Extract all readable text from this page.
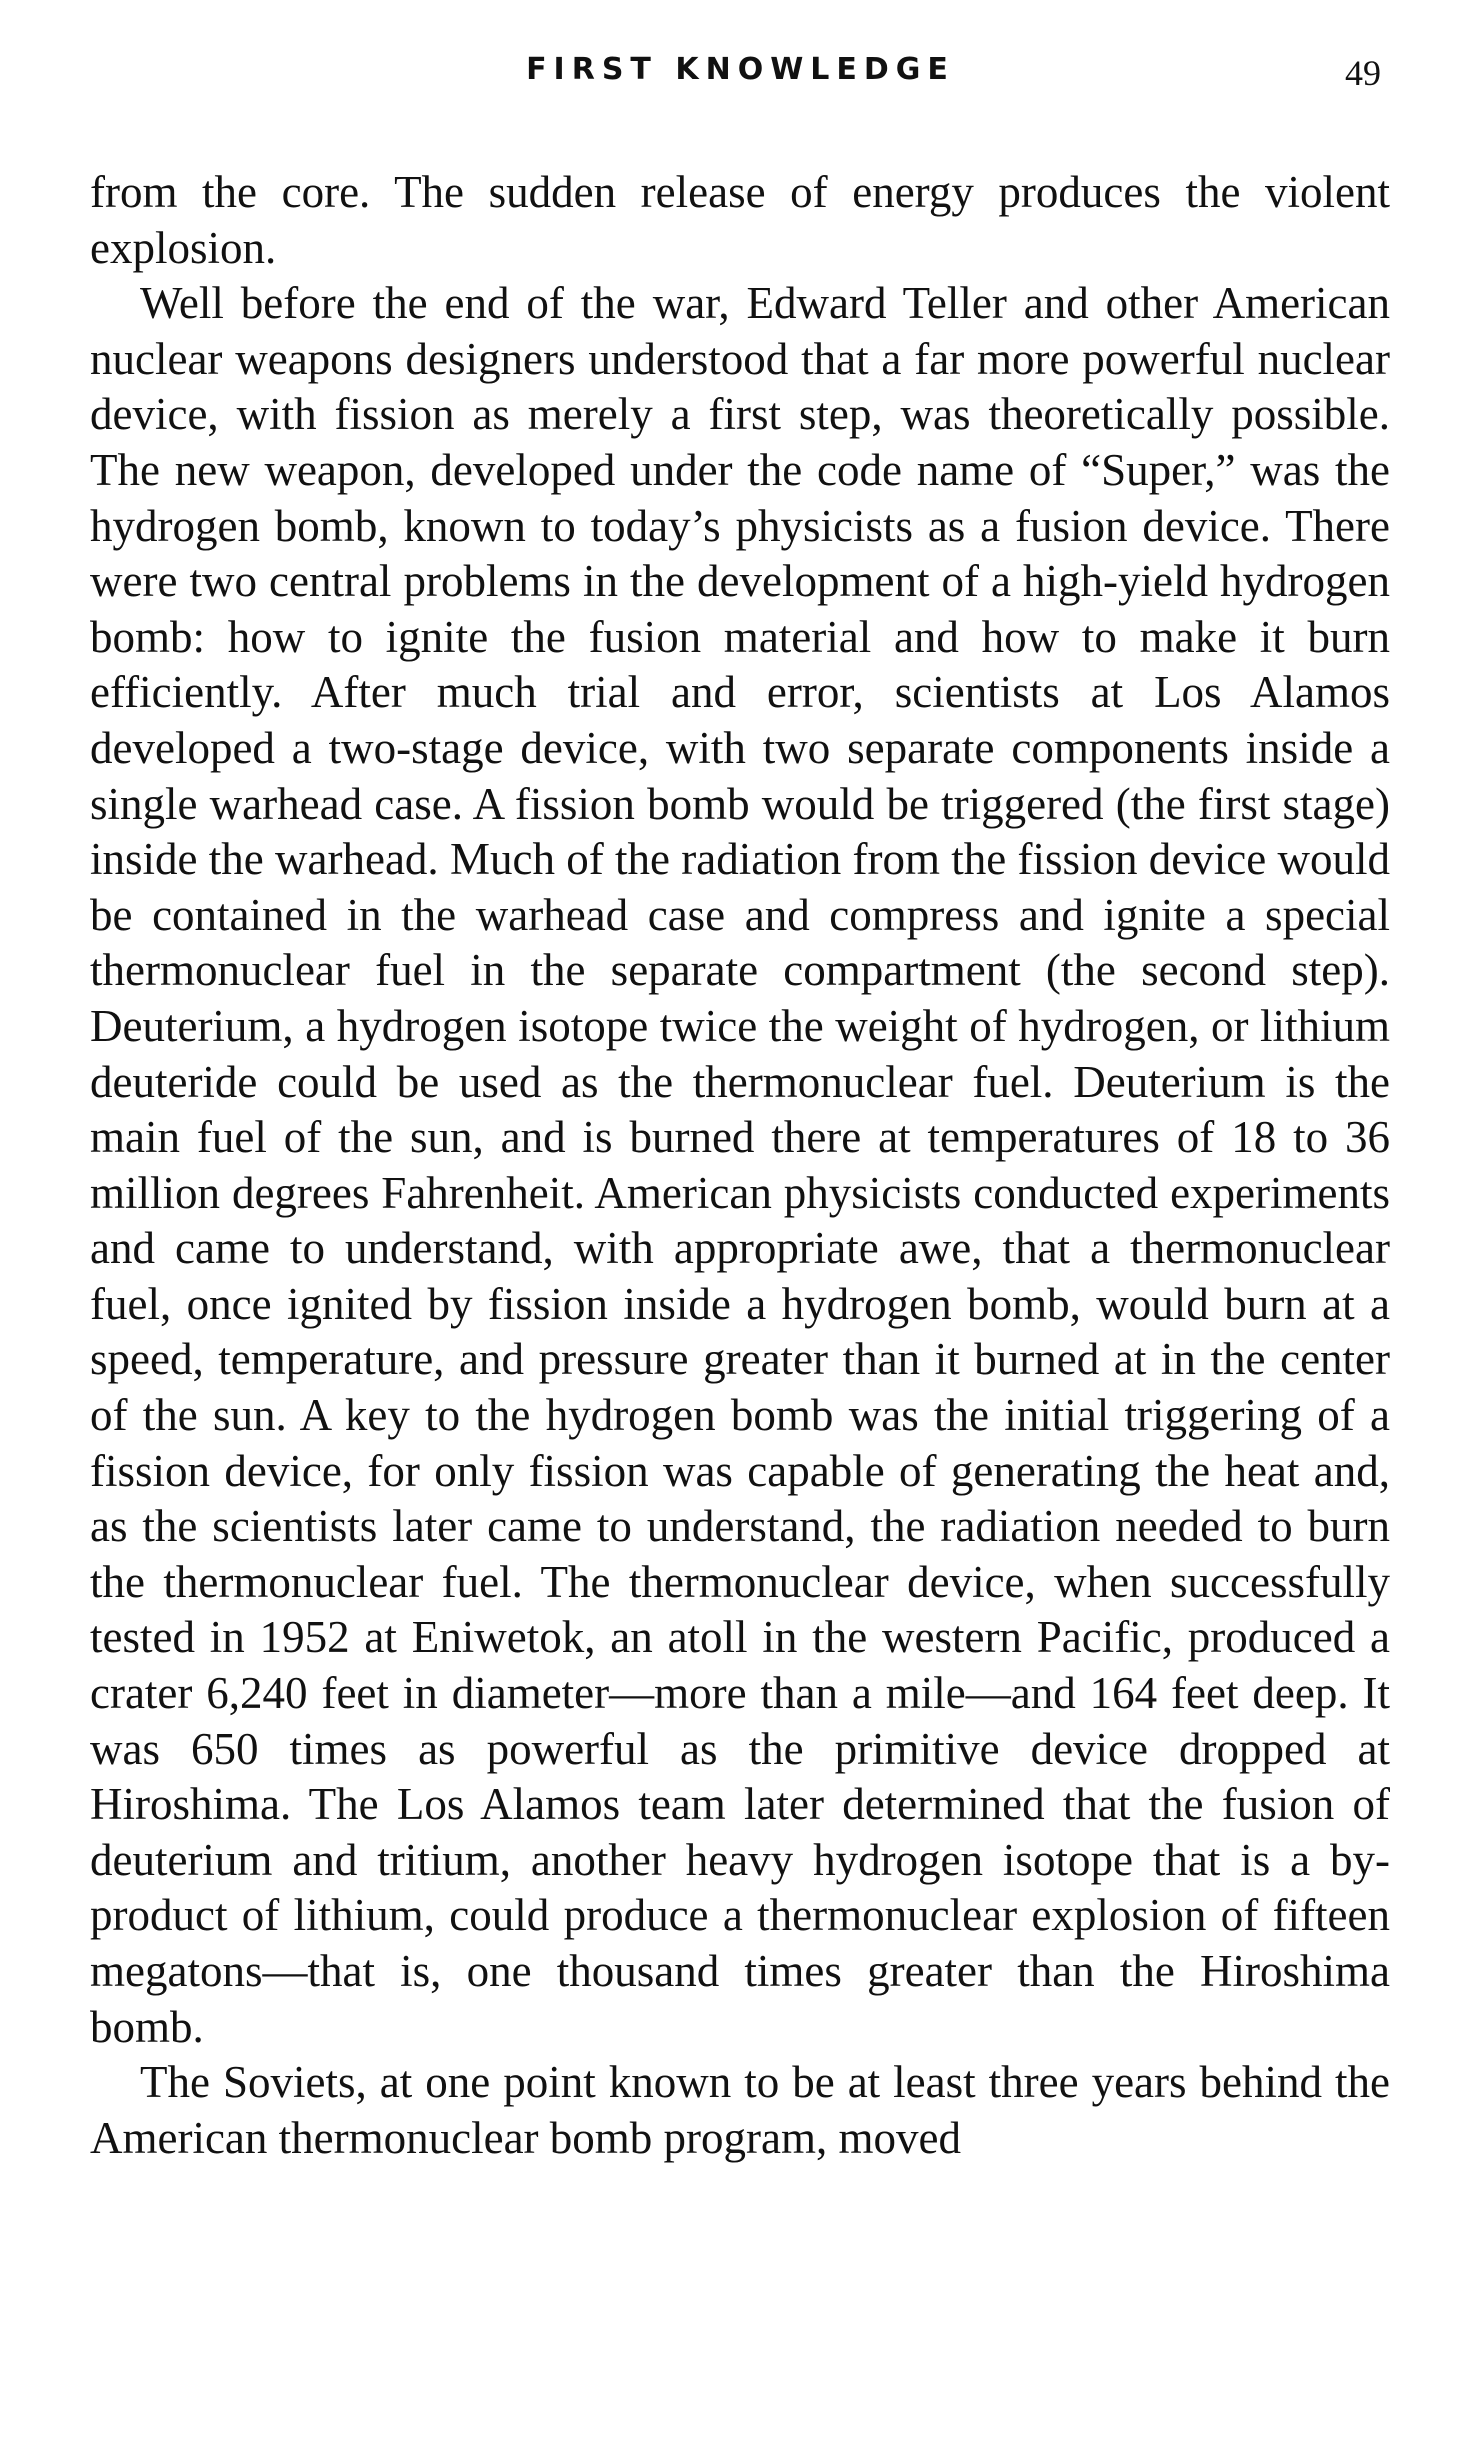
FIRST KNOWLEDGE	49

from the core. The sudden release of energy produces the violent explosion.

Well before the end of the war, Edward Teller and other American nuclear weapons designers understood that a far more powerful nuclear device, with fission as merely a first step, was theoretically possible. The new weapon, developed under the code name of “Super,” was the hydrogen bomb, known to today’s physicists as a fusion device. There were two central problems in the development of a high-yield hydrogen bomb: how to ignite the fusion material and how to make it burn efficiently. After much trial and error, scientists at Los Alamos developed a two-stage device, with two separate components inside a single warhead case. A fission bomb would be triggered (the first stage) inside the warhead. Much of the radiation from the fission device would be contained in the warhead case and compress and ignite a special thermonuclear fuel in the separate compartment (the second step). Deuterium, a hydrogen isotope twice the weight of hydrogen, or lithium deuteride could be used as the thermonuclear fuel. Deuterium is the main fuel of the sun, and is burned there at temperatures of 18 to 36 million degrees Fahrenheit. American physicists conducted experiments and came to understand, with appropriate awe, that a thermonuclear fuel, once ignited by fission inside a hydrogen bomb, would burn at a speed, temperature, and pressure greater than it burned at in the center of the sun. A key to the hydrogen bomb was the initial triggering of a fission device, for only fission was capable of generating the heat and, as the scientists later came to understand, the radiation needed to burn the thermonuclear fuel. The thermonuclear device, when successfully tested in 1952 at Eniwetok, an atoll in the western Pacific, produced a crater 6,240 feet in diameter—more than a mile—and 164 feet deep. It was 650 times as powerful as the primitive device dropped at Hiroshima. The Los Alamos team later determined that the fusion of deuterium and tritium, another heavy hydrogen isotope that is a by-product of lithium, could produce a thermonuclear explosion of fifteen megatons—that is, one thousand times greater than the Hiroshima bomb.

The Soviets, at one point known to be at least three years behind the American thermonuclear bomb program, moved
